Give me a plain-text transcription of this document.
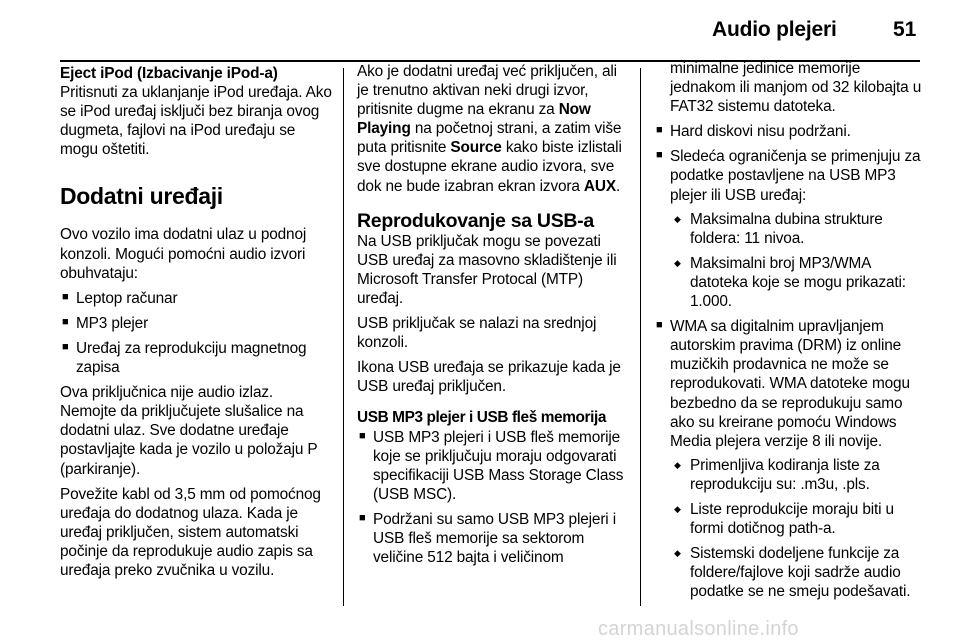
Audio plejeri	51

Eject iPod (Izbacivanje iPod-a)
Pritisnuti za uklanjanje iPod uređaja. Ako se iPod uređaj isključi bez biranja ovog dugmeta, fajlovi na iPod uređaju se mogu oštetiti.

Dodatni uređaji

Ovo vozilo ima dodatni ulaz u podnoj konzoli. Mogući pomoćni audio izvori obuhvataju:

■ Leptop računar
■ MP3 plejer
■ Uređaj za reprodukciju magnetnog zapisa

Ova priključnica nije audio izlaz. Nemojte da priključujete slušalice na dodatni ulaz. Sve dodatne uređaje postavljajte kada je vozilo u položaju P (parkiranje).

Povežite kabl od 3,5 mm od pomoćnog uređaja do dodatnog ulaza. Kada je uređaj priključen, sistem automatski počinje da reprodukuje audio zapis sa uređaja preko zvučnika u vozilu.

Ako je dodatni uređaj već priključen, ali je trenutno aktivan neki drugi izvor, pritisnite dugme na ekranu za Now Playing na početnoj strani, a zatim više puta pritisnite Source kako biste izlistali sve dostupne ekrane audio izvora, sve dok ne bude izabran ekran izvora AUX.

Reprodukovanje sa USB-a

Na USB priključak mogu se povezati USB uređaj za masovno skladištenje ili Microsoft Transfer Protocal (MTP) uređaj.

USB priključak se nalazi na srednjoj konzoli.

Ikona USB uređaja se prikazuje kada je USB uređaj priključen.

USB MP3 plejer i USB fleš memorija
■ USB MP3 plejeri i USB fleš memorije koje se priključuju moraju odgovarati specifikaciji USB Mass Storage Class (USB MSC).
■ Podržani su samo USB MP3 plejeri i USB fleš memorije sa sektorom veličine 512 bajta i veličinom

minimalne jedinice memorije jednakom ili manjom od 32 kilobajta u FAT32 sistemu datoteka.

■ Hard diskovi nisu podržani.
■ Sledeća ograničenja se primenjuju za podatke postavljene na USB MP3 plejer ili USB uređaj:
◆ Maksimalna dubina strukture foldera: 11 nivoa.
◆ Maksimalni broj MP3/WMA datoteka koje se mogu prikazati: 1.000.
■ WMA sa digitalnim upravljanjem autorskim pravima (DRM) iz online muzičkih prodavnica ne može se reprodukovati. WMA datoteke mogu bezbedno da se reprodukuju samo ako su kreirane pomoću Windows Media plejera verzije 8 ili novije.
◆ Primenljiva kodiranja liste za reprodukciju su: .m3u, .pls.
◆ Liste reprodukcije moraju biti u formi dotičnog path-a.
◆ Sistemski dodeljene funkcije za foldere/fajlove koji sadrže audio podatke se ne smeju podešavati.
carmanualsonline.info
